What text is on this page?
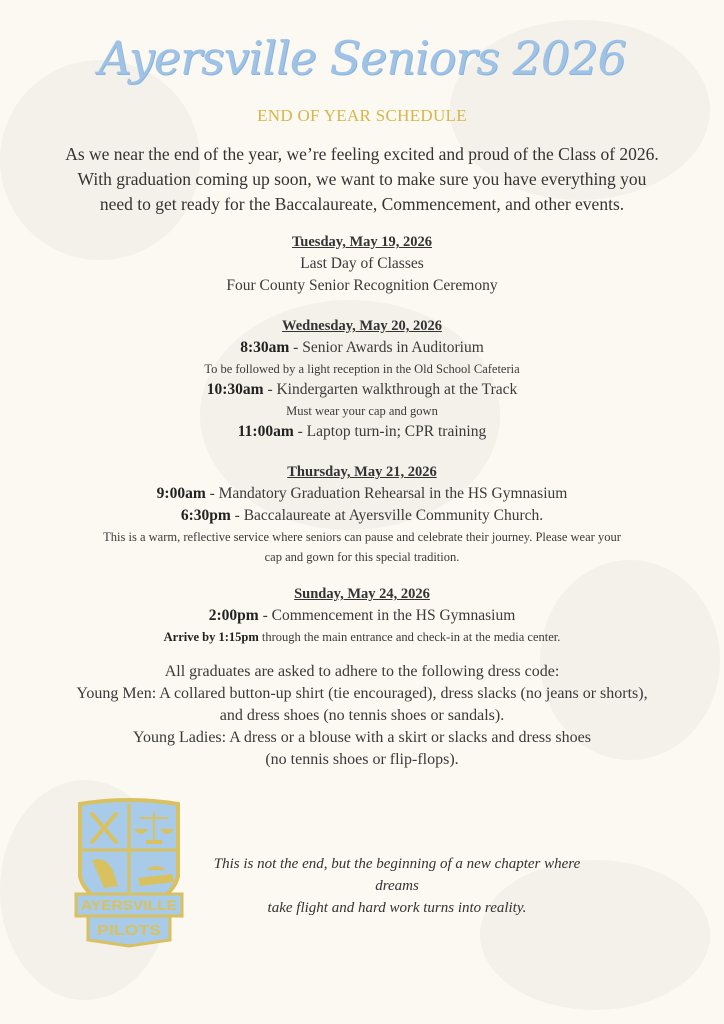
Ayersville Seniors 2026
END OF YEAR SCHEDULE
As we near the end of the year, we’re feeling excited and proud of the Class of 2026.
With graduation coming up soon, we want to make sure you have everything you
need to get ready for the Baccalaureate, Commencement, and other events.
Tuesday, May 19, 2026
Last Day of Classes
Four County Senior Recognition Ceremony
Wednesday, May 20, 2026
8:30am - Senior Awards in Auditorium
To be followed by a light reception in the Old School Cafeteria
10:30am - Kindergarten walkthrough at the Track
Must wear your cap and gown
11:00am - Laptop turn-in; CPR training
Thursday, May 21, 2026
9:00am - Mandatory Graduation Rehearsal in the HS Gymnasium
6:30pm - Baccalaureate at Ayersville Community Church.
This is a warm, reflective service where seniors can pause and celebrate their journey. Please wear your
cap and gown for this special tradition.
Sunday, May 24, 2026
2:00pm - Commencement in the HS Gymnasium
Arrive by 1:15pm through the main entrance and check-in at the media center.
All graduates are asked to adhere to the following dress code:
Young Men: A collared button-up shirt (tie encouraged), dress slacks (no jeans or shorts),
and dress shoes (no tennis shoes or sandals).
Young Ladies: A dress or a blouse with a skirt or slacks and dress shoes
(no tennis shoes or flip-flops).
AYERSVILLE
PILOTS
This is not the end, but the beginning of a new chapter where dreams
take flight and hard work turns into reality.
